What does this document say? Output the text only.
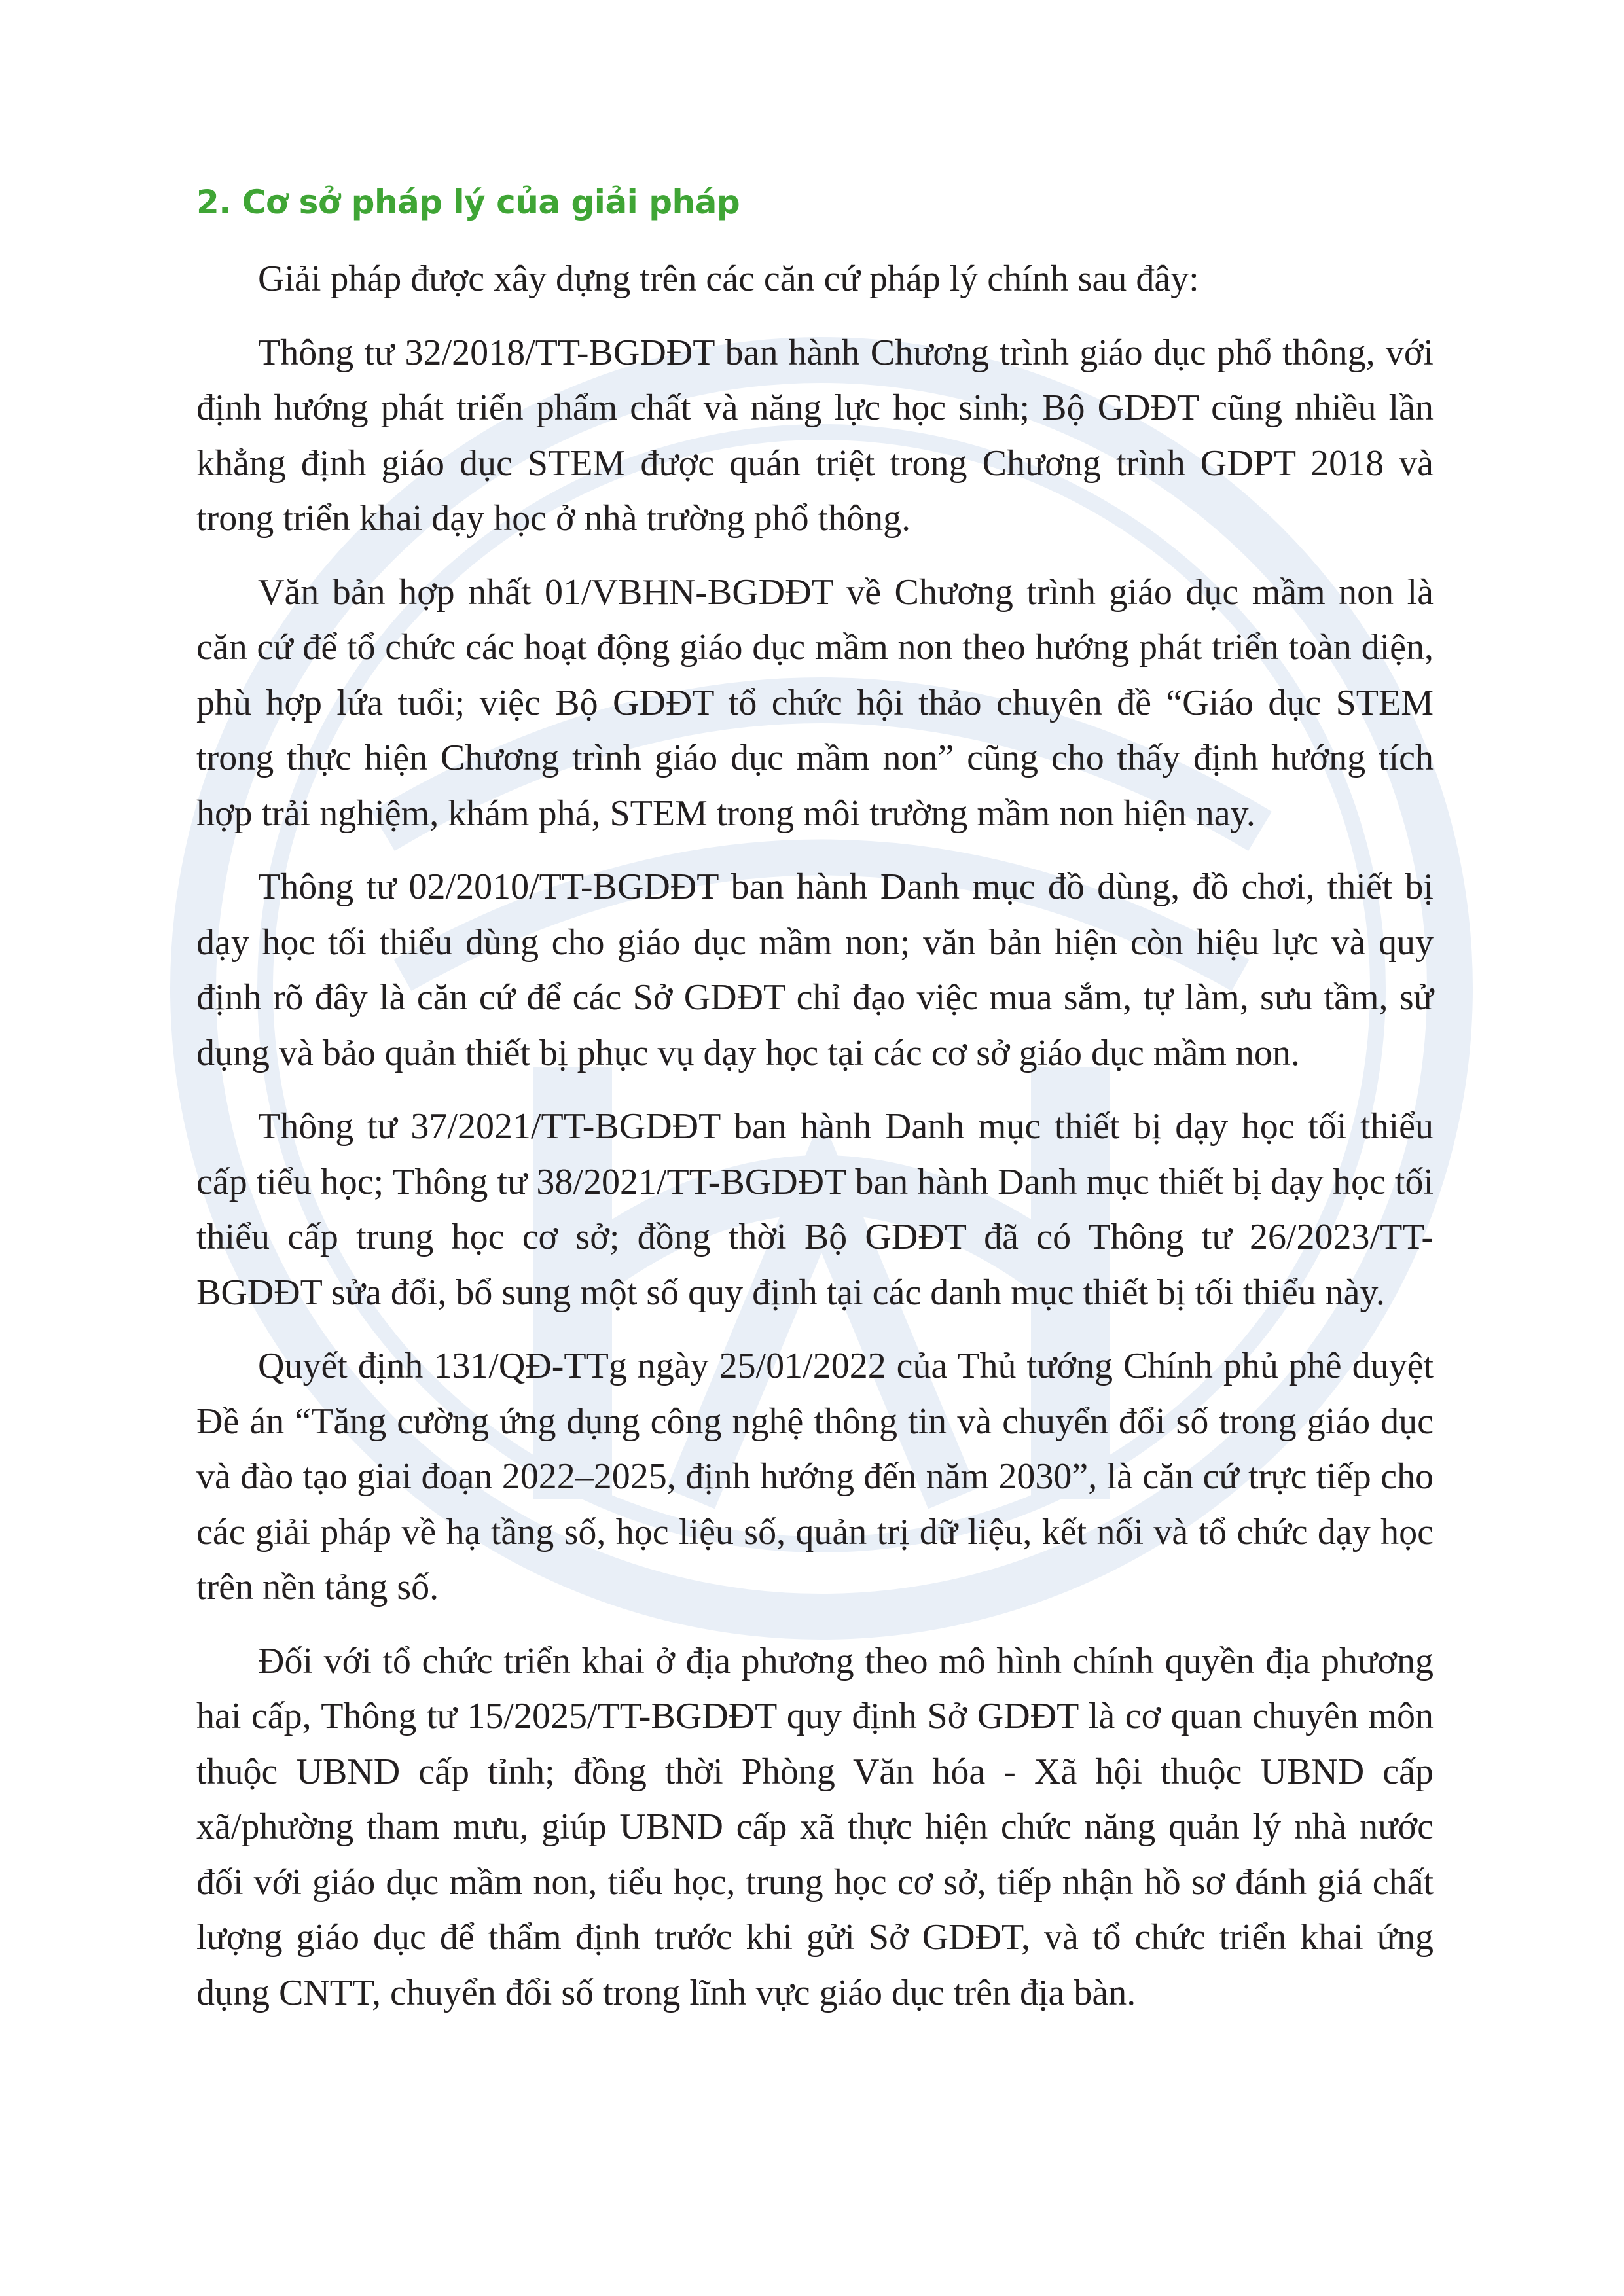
2. Cơ sở pháp lý của giải pháp

Giải pháp được xây dựng trên các căn cứ pháp lý chính sau đây:

Thông tư 32/2018/TT-BGDĐT ban hành Chương trình giáo dục phổ thông, với định hướng phát triển phẩm chất và năng lực học sinh; Bộ GDĐT cũng nhiều lần khẳng định giáo dục STEM được quán triệt trong Chương trình GDPT 2018 và trong triển khai dạy học ở nhà trường phổ thông.

Văn bản hợp nhất 01/VBHN-BGDĐT về Chương trình giáo dục mầm non là căn cứ để tổ chức các hoạt động giáo dục mầm non theo hướng phát triển toàn diện, phù hợp lứa tuổi; việc Bộ GDĐT tổ chức hội thảo chuyên đề “Giáo dục STEM trong thực hiện Chương trình giáo dục mầm non” cũng cho thấy định hướng tích hợp trải nghiệm, khám phá, STEM trong môi trường mầm non hiện nay.

Thông tư 02/2010/TT-BGDĐT ban hành Danh mục đồ dùng, đồ chơi, thiết bị dạy học tối thiểu dùng cho giáo dục mầm non; văn bản hiện còn hiệu lực và quy định rõ đây là căn cứ để các Sở GDĐT chỉ đạo việc mua sắm, tự làm, sưu tầm, sử dụng và bảo quản thiết bị phục vụ dạy học tại các cơ sở giáo dục mầm non.

Thông tư 37/2021/TT-BGDĐT ban hành Danh mục thiết bị dạy học tối thiểu cấp tiểu học; Thông tư 38/2021/TT-BGDĐT ban hành Danh mục thiết bị dạy học tối thiểu cấp trung học cơ sở; đồng thời Bộ GDĐT đã có Thông tư 26/2023/TT-BGDĐT sửa đổi, bổ sung một số quy định tại các danh mục thiết bị tối thiểu này.

Quyết định 131/QĐ-TTg ngày 25/01/2022 của Thủ tướng Chính phủ phê duyệt Đề án “Tăng cường ứng dụng công nghệ thông tin và chuyển đổi số trong giáo dục và đào tạo giai đoạn 2022–2025, định hướng đến năm 2030”, là căn cứ trực tiếp cho các giải pháp về hạ tầng số, học liệu số, quản trị dữ liệu, kết nối và tổ chức dạy học trên nền tảng số.

Đối với tổ chức triển khai ở địa phương theo mô hình chính quyền địa phương hai cấp, Thông tư 15/2025/TT-BGDĐT quy định Sở GDĐT là cơ quan chuyên môn thuộc UBND cấp tỉnh; đồng thời Phòng Văn hóa - Xã hội thuộc UBND cấp xã/phường tham mưu, giúp UBND cấp xã thực hiện chức năng quản lý nhà nước đối với giáo dục mầm non, tiểu học, trung học cơ sở, tiếp nhận hồ sơ đánh giá chất lượng giáo dục để thẩm định trước khi gửi Sở GDĐT, và tổ chức triển khai ứng dụng CNTT, chuyển đổi số trong lĩnh vực giáo dục trên địa bàn.
